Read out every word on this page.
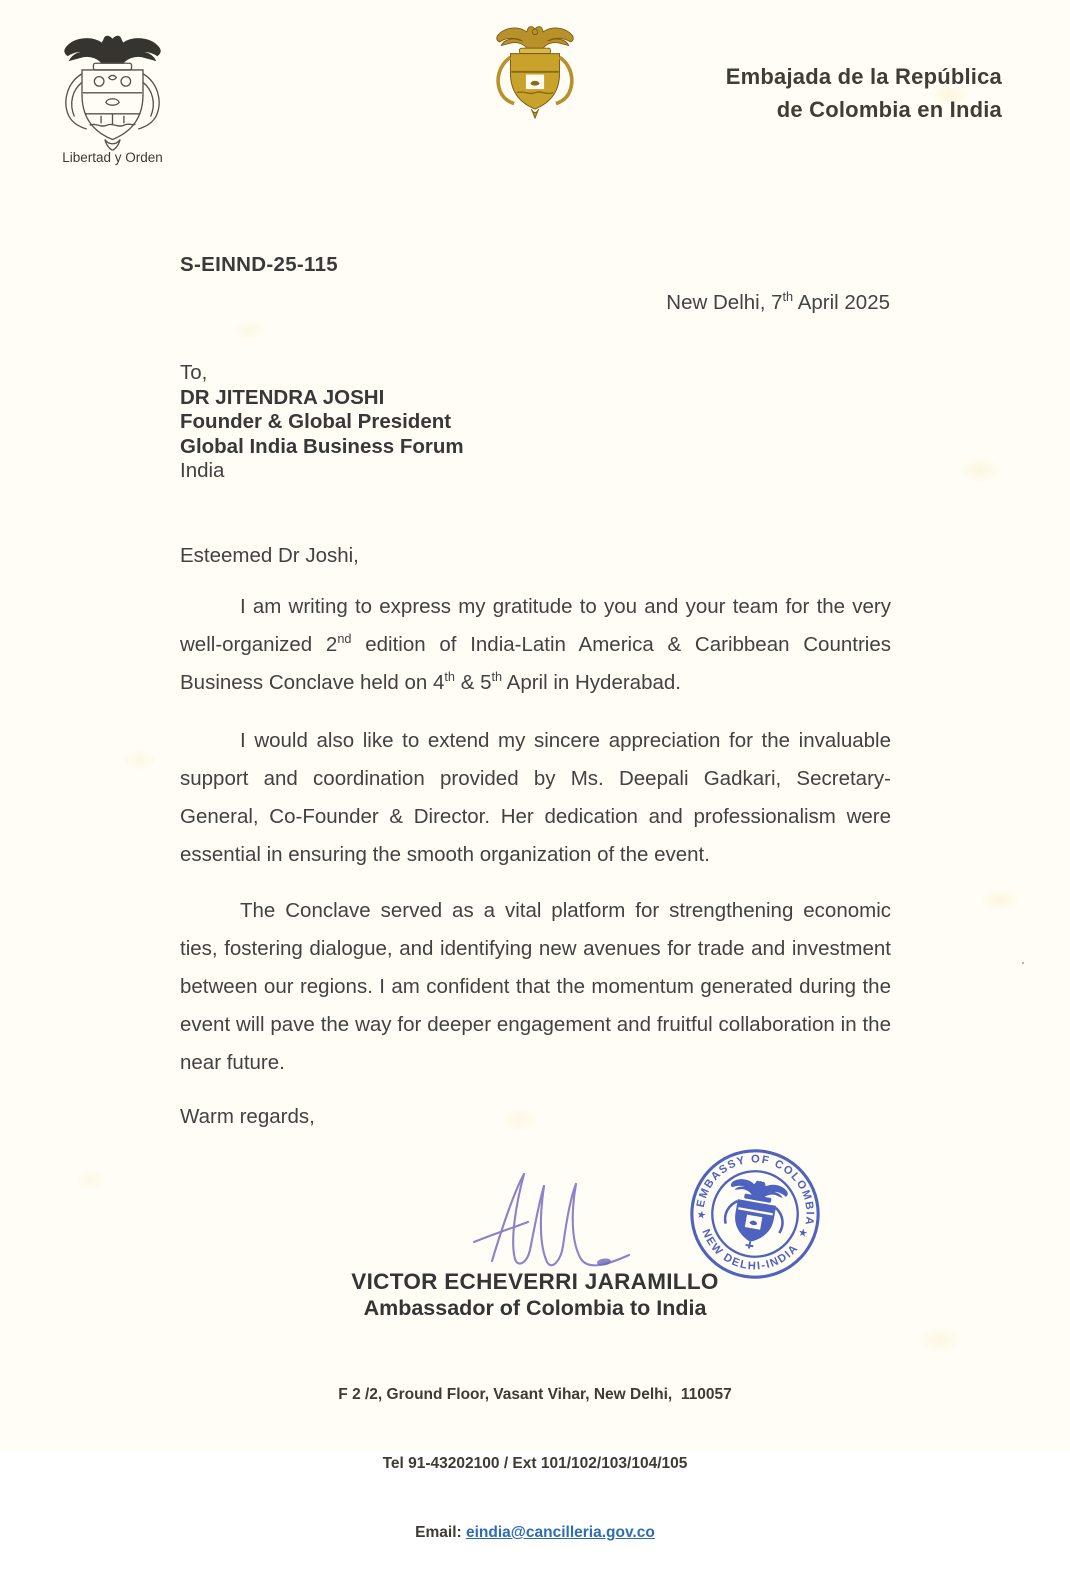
Libertad y Orden
Embajada de la República
de Colombia en India
S-EINND-25-115
New Delhi, 7th April 2025
To,
DR JITENDRA JOSHI
Founder & Global President
Global India Business Forum
India
Esteemed Dr Joshi,

I am writing to express my gratitude to you and your team for the very well-organized 2nd edition of India-Latin America & Caribbean Countries Business Conclave held on 4th & 5th April in Hyderabad.

I would also like to extend my sincere appreciation for the invaluable support and coordination provided by Ms. Deepali Gadkari, Secretary-General, Co-Founder & Director. Her dedication and professionalism were essential in ensuring the smooth organization of the event.

The Conclave served as a vital platform for strengthening economic ties, fostering dialogue, and identifying new avenues for trade and investment between our regions. I am confident that the momentum generated during the event will pave the way for deeper engagement and fruitful collaboration in the near future.

Warm regards,
EMBASSY OF COLOMBIA
NEW DELHI-INDIA
★
★
VICTOR ECHEVERRI JARAMILLO
Ambassador of Colombia to India

F 2 /2, Ground Floor, Vasant Vihar, New Delhi,  110057

Tel 91-43202100 / Ext 101/102/103/104/105

Email: eindia@cancilleria.gov.co
